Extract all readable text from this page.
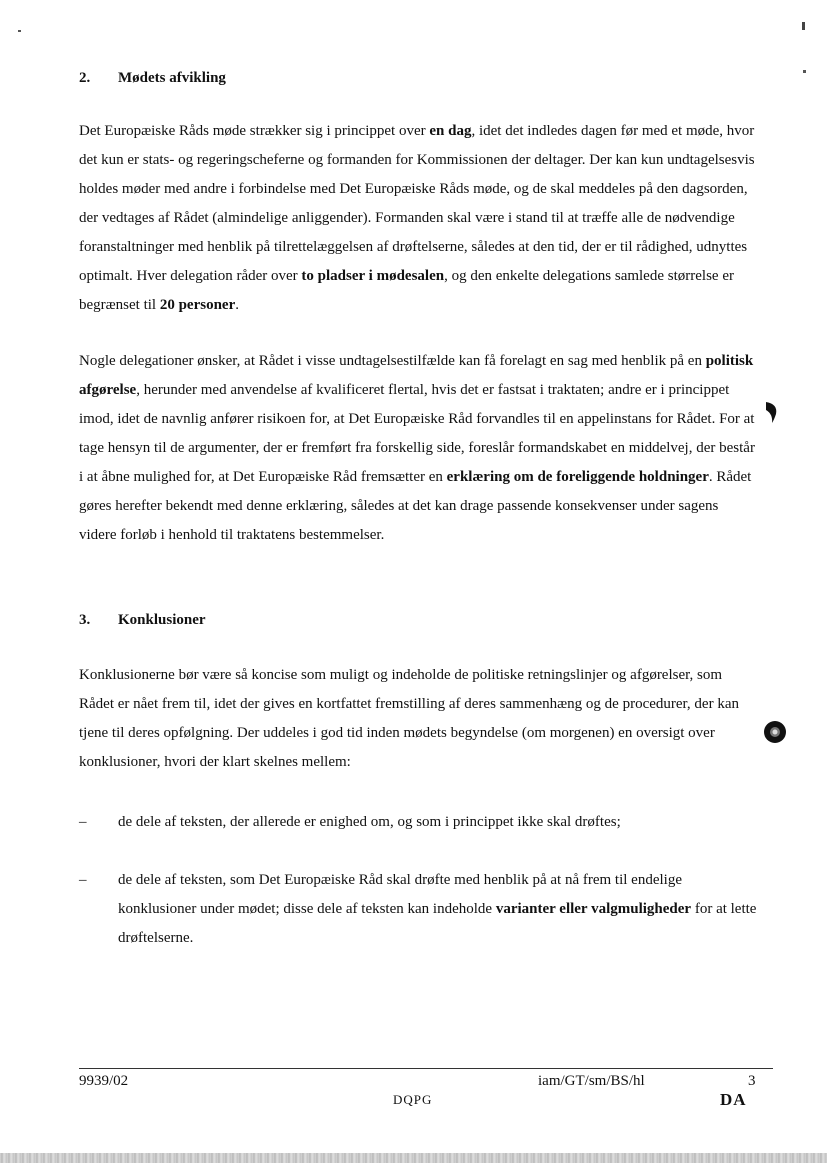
2. Mødets afvikling
Det Europæiske Råds møde strækker sig i princippet over en dag, idet det indledes dagen før med et møde, hvor det kun er stats- og regeringscheferne og formanden for Kommissionen der deltager. Der kan kun undtagelsesvis holdes møder med andre i forbindelse med Det Europæiske Råds møde, og de skal meddeles på den dagsorden, der vedtages af Rådet (almindelige anliggender). Formanden skal være i stand til at træffe alle de nødvendige foranstaltninger med henblik på tilrettelæggelsen af drøftelserne, således at den tid, der er til rådighed, udnyttes optimalt. Hver delegation råder over to pladser i mødesalen, og den enkelte delegations samlede størrelse er begrænset til 20 personer.
Nogle delegationer ønsker, at Rådet i visse undtagelsestilfælde kan få forelagt en sag med henblik på en politisk afgørelse, herunder med anvendelse af kvalificeret flertal, hvis det er fastsat i traktaten; andre er i princippet imod, idet de navnlig anfører risikoen for, at Det Europæiske Råd forvandles til en appelinstans for Rådet. For at tage hensyn til de argumenter, der er fremført fra forskellig side, foreslår formandskabet en middelvej, der består i at åbne mulighed for, at Det Europæiske Råd fremsætter en erklæring om de foreliggende holdninger. Rådet gøres herefter bekendt med denne erklæring, således at det kan drage passende konsekvenser under sagens videre forløb i henhold til traktatens bestemmelser.
3. Konklusioner
Konklusionerne bør være så koncise som muligt og indeholde de politiske retningslinjer og afgørelser, som Rådet er nået frem til, idet der gives en kortfattet fremstilling af deres sammenhæng og de procedurer, der kan tjene til deres opfølgning. Der uddeles i god tid inden mødets begyndelse (om morgenen) en oversigt over konklusioner, hvori der klart skelnes mellem:
– de dele af teksten, der allerede er enighed om, og som i princippet ikke skal drøftes;
– de dele af teksten, som Det Europæiske Råd skal drøfte med henblik på at nå frem til endelige konklusioner under mødet; disse dele af teksten kan indeholde varianter eller valgmuligheder for at lette drøftelserne.
9939/02	iam/GT/sm/BS/hl	3
DQPG	DA
